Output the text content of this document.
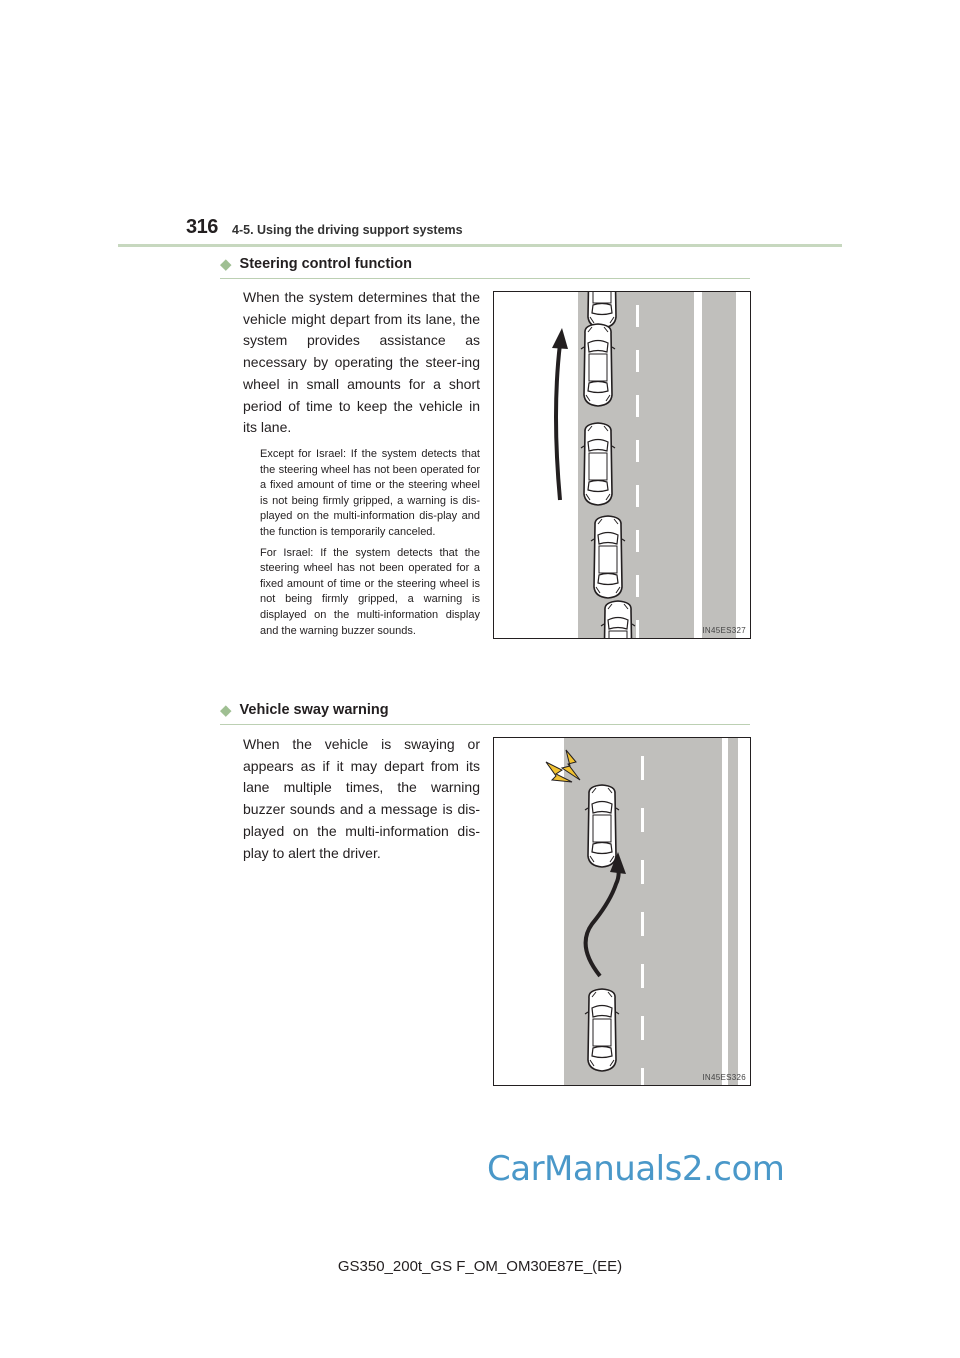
316 4-5. Using the driving support systems
◆ Steering control function
When the system determines that the vehicle might depart from its lane, the system provides assistance as necessary by operating the steer-ing wheel in small amounts for a short period of time to keep the vehicle in its lane.

Except for Israel: If the system detects that the steering wheel has not been operated for a fixed amount of time or the steering wheel is not being firmly gripped, a warning is dis-played on the multi-information dis-play and the function is temporarily canceled.

For Israel: If the system detects that the steering wheel has not been operated for a fixed amount of time or the steering wheel is not being firmly gripped, a warning is displayed on the multi-information display and the warning buzzer sounds.	IN45ES327
◆ Vehicle sway warning
When the vehicle is swaying or appears as if it may depart from its lane multiple times, the warning buzzer sounds and a message is dis-played on the multi-information dis-play to alert the driver.
IN45ES326
CarManuals2.com
GS350_200t_GS F_OM_OM30E87E_(EE)
